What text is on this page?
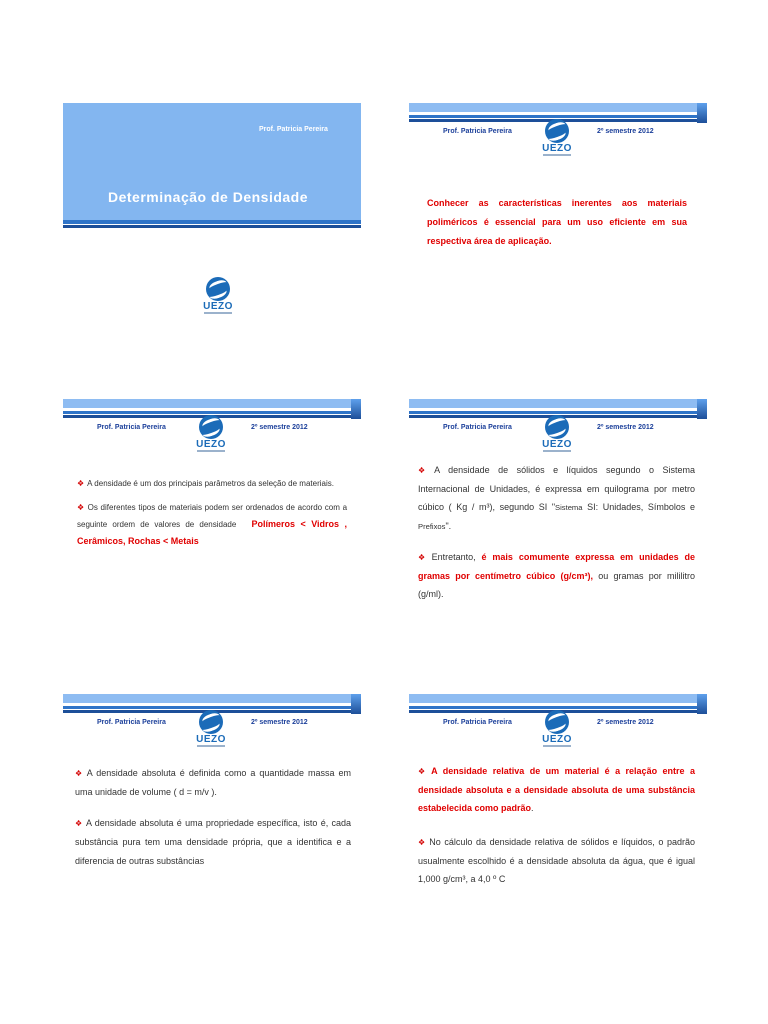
Prof. Patricia Pereira
Determinação de Densidade
UEZO
Prof. Patricia Pereira	2º semestre 2012
UEZO

Conhecer as características inerentes aos materiais poliméricos é essencial para um uso eficiente em sua respectiva área de aplicação.

Prof. Patricia Pereira	2º semestre 2012
UEZO

❖ A densidade é um dos principais parâmetros da seleção de materiais.

❖ Os diferentes tipos de materiais podem ser ordenados de acordo com a seguinte ordem de valores de densidade Polímeros < Vidros , Cerâmicos, Rochas < Metais

Prof. Patricia Pereira	2º semestre 2012
UEZO

❖ A densidade de sólidos e líquidos segundo o Sistema Internacional de Unidades, é expressa em quilograma por metro cúbico ( Kg / m³), segundo SI "Sistema SI: Unidades, Símbolos e Prefixos".

❖ Entretanto, é mais comumente expressa em unidades de gramas por centímetro cúbico (g/cm³), ou gramas por mililitro (g/ml).

Prof. Patricia Pereira	2º semestre 2012
UEZO

❖ A densidade absoluta é definida como a quantidade massa em uma unidade de volume ( d = m/v ).

❖ A densidade absoluta é uma propriedade específica, isto é, cada substância pura tem uma densidade própria, que a identifica e a diferencia de outras substâncias

Prof. Patricia Pereira	2º semestre 2012
UEZO

❖ A densidade relativa de um material é a relação entre a densidade absoluta e a densidade absoluta de uma substância estabelecida como padrão.

❖ No cálculo da densidade relativa de sólidos e líquidos, o padrão usualmente escolhido é a densidade absoluta da água, que é igual 1,000 g/cm³, a 4,0 º C
